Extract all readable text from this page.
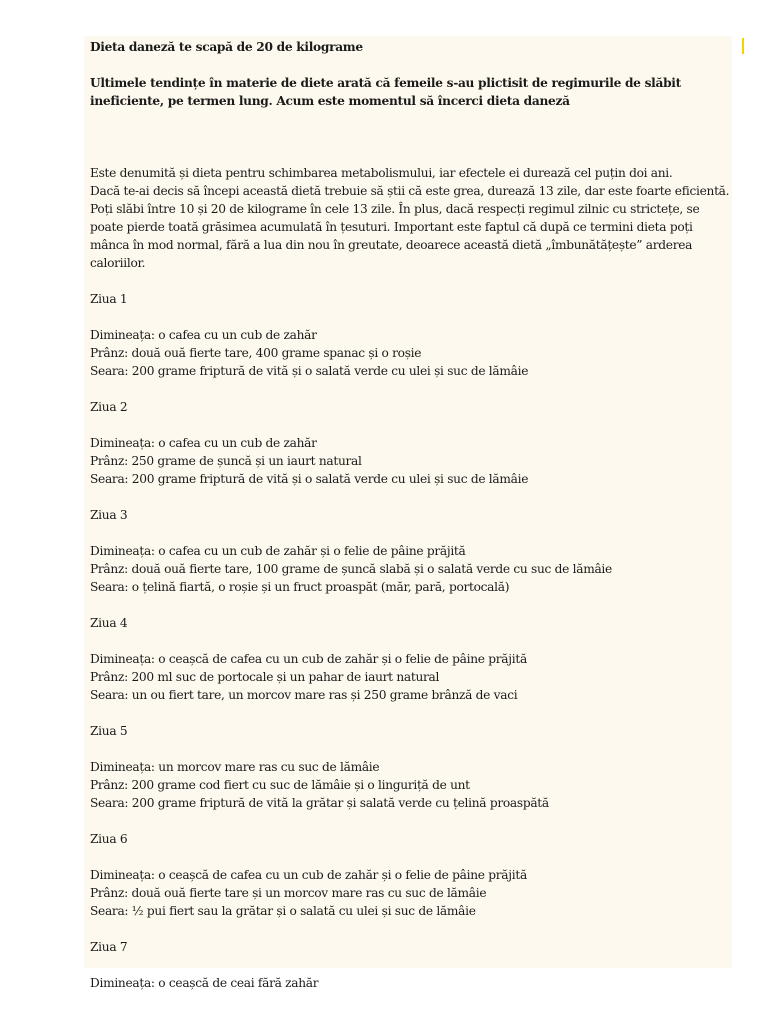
Dieta daneză te scapă de 20 de kilograme

Ultimele tendințe în materie de diete arată că femeile s-au plictisit de regimurile de slăbit ineficiente, pe termen lung. Acum este momentul să încerci dieta daneză

Este denumită și dieta pentru schimbarea metabolismului, iar efectele ei durează cel puțin doi ani.
Dacă te-ai decis să începi această dietă trebuie să știi că este grea, durează 13 zile, dar este foarte eficientă. Poți slăbi între 10 și 20 de kilograme în cele 13 zile. În plus, dacă respecți regimul zilnic cu strictețe, se poate pierde toată grăsimea acumulată în țesuturi. Important este faptul că după ce termini dieta poți mânca în mod normal, fără a lua din nou în greutate, deoarece această dietă „îmbunătățește” arderea caloriilor.
Ziua 1
Dimineața: o cafea cu un cub de zahăr
Prânz: două ouă fierte tare, 400 grame spanac și o roșie
Seara: 200 grame friptură de vită și o salată verde cu ulei și suc de lămâie
Ziua 2
Dimineața: o cafea cu un cub de zahăr
Prânz: 250 grame de șuncă și un iaurt natural
Seara: 200 grame friptură de vită și o salată verde cu ulei și suc de lămâie
Ziua 3
Dimineața: o cafea cu un cub de zahăr și o felie de pâine prăjită
Prânz: două ouă fierte tare, 100 grame de șuncă slabă și o salată verde cu suc de lămâie
Seara: o țelină fiartă, o roșie și un fruct proaspăt (măr, pară, portocală)
Ziua 4
Dimineața: o ceașcă de cafea cu un cub de zahăr și o felie de pâine prăjită
Prânz: 200 ml suc de portocale și un pahar de iaurt natural
Seara: un ou fiert tare, un morcov mare ras și 250 grame brânză de vaci
Ziua 5
Dimineața: un morcov mare ras cu suc de lămâie
Prânz: 200 grame cod fiert cu suc de lămâie și o linguriță de unt
Seara: 200 grame friptură de vită la grătar și salată verde cu țelină proaspătă
Ziua 6
Dimineața: o ceașcă de cafea cu un cub de zahăr și o felie de pâine prăjită
Prânz: două ouă fierte tare și un morcov mare ras cu suc de lămâie
Seara: ½ pui fiert sau la grătar și o salată cu ulei și suc de lămâie
Ziua 7
Dimineața: o ceașcă de ceai fără zahăr
